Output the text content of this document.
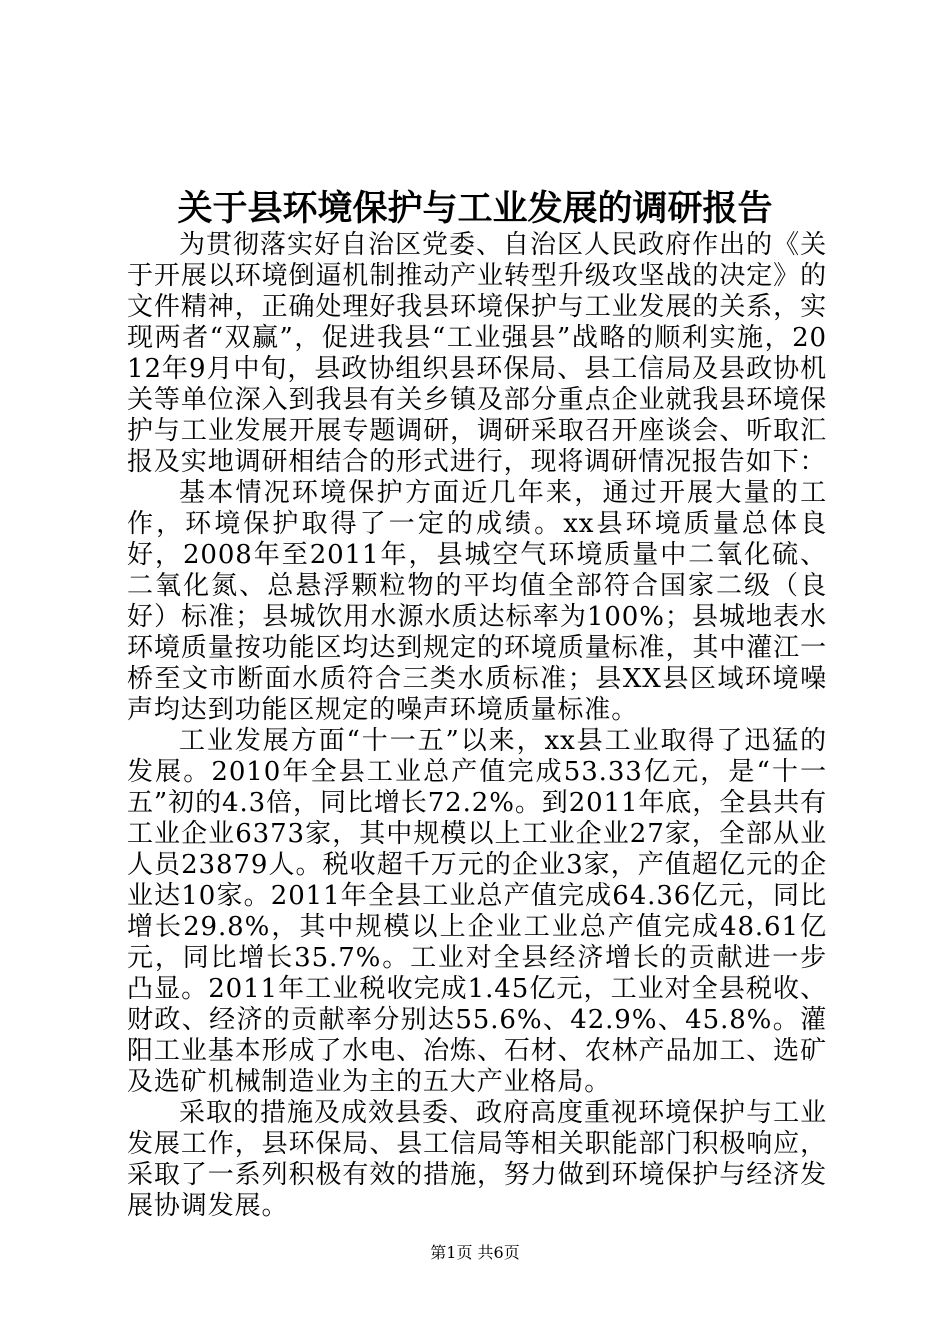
关于县环境保护与工业发展的调研报告

为贯彻落实好自治区党委、自治区人民政府作出的《关于开展以环境倒逼机制推动产业转型升级攻坚战的决定》的文件精神，正确处理好我县环境保护与工业发展的关系，实现两者“双赢”，促进我县“工业强县”战略的顺利实施，2012年9月中旬，县政协组织县环保局、县工信局及县政协机关等单位深入到我县有关乡镇及部分重点企业就我县环境保护与工业发展开展专题调研，调研采取召开座谈会、听取汇报及实地调研相结合的形式进行，现将调研情况报告如下：

基本情况环境保护方面近几年来，通过开展大量的工作，环境保护取得了一定的成绩。xx县环境质量总体良好，2008年至2011年，县城空气环境质量中二氧化硫、二氧化氮、总悬浮颗粒物的平均值全部符合国家二级（良好）标准；县城饮用水源水质达标率为100%；县城地表水环境质量按功能区均达到规定的环境质量标准，其中灌江一桥至文市断面水质符合三类水质标准；县XX县区域环境噪声均达到功能区规定的噪声环境质量标准。

工业发展方面“十一五”以来，xx县工业取得了迅猛的发展。2010年全县工业总产值完成53.33亿元，是“十一五”初的4.3倍，同比增长72.2%。到2011年底，全县共有工业企业6373家，其中规模以上工业企业27家，全部从业人员23879人。税收超千万元的企业3家，产值超亿元的企业达10家。2011年全县工业总产值完成64.36亿元，同比增长29.8%，其中规模以上企业工业总产值完成48.61亿元，同比增长35.7%。工业对全县经济增长的贡献进一步凸显。2011年工业税收完成1.45亿元，工业对全县税收、财政、经济的贡献率分别达55.6%、42.9%、45.8%。灌阳工业基本形成了水电、冶炼、石材、农林产品加工、选矿及选矿机械制造业为主的五大产业格局。

采取的措施及成效县委、政府高度重视环境保护与工业发展工作，县环保局、县工信局等相关职能部门积极响应，采取了一系列积极有效的措施，努力做到环境保护与经济发展协调发展。

第1页 共6页
